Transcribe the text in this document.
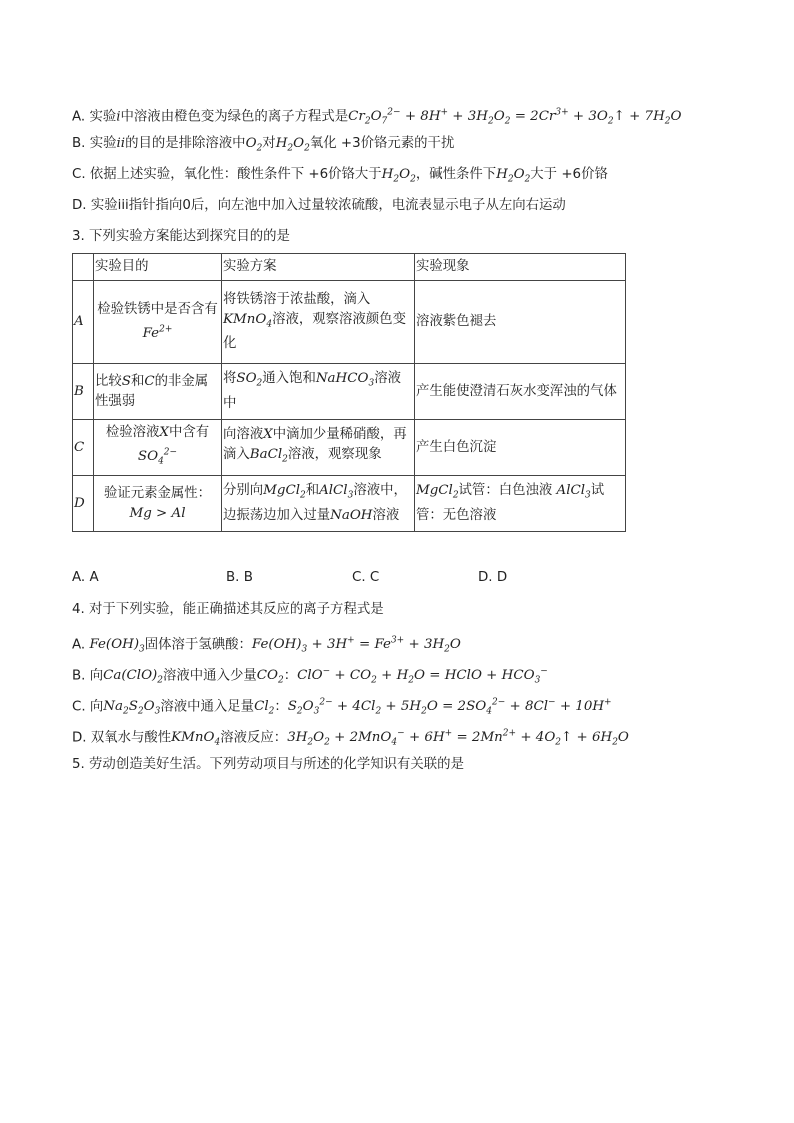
A. 实验i中溶液由橙色变为绿色的离子方程式是$Cr_2O_7^{2-} + 8H^+ + 3H_2O_2 = 2Cr^{3+}$ + $3O_2↑ + 7H_2O$
B. 实验ii的目的是排除溶液中$O_2$对$H_2O_2$氧化 +3价铬元素的干扰
C. 依据上述实验，氧化性：酸性条件下 +6价铬大于$H_2O_2$，碱性条件下$H_2O_2$大于 +6价铬
D. 实验iii指针指向0后，向左池中加入过量较浓硫酸，电流表显示电子从左向右运动
3. 下列实验方案能达到探究目的的是
	实验目的	实验方案	实验现象
A	检验铁锈中是否含有
$Fe^{2+}$	将铁锈溶于浓盐酸，滴入KMnO$_4$溶液，观察溶液颜色变化	溶液紫色褪去
B	比较S和C的非金属性强弱	将$SO_2$通入饱和NaHCO$_3$溶液中	产生能使澄清石灰水变浑浊的气体
C	检验溶液X中含有
$SO_4^{2-}$	向溶液X中滴加少量稀硝酸，再滴入BaCl$_2$溶液，观察现象	产生白色沉淀
D	验证元素金属性：
Mg > Al	分别向MgCl$_2$和AlCl$_3$溶液中，边振荡边加入过量NaOH溶液	MgCl$_2$试管：白色浊液 AlCl$_3$试管：无色溶液
A. A	B. B	C. C	D. D
4. 对于下列实验，能正确描述其反应的离子方程式是
A. $Fe(OH)_3$固体溶于氢碘酸：$Fe(OH)_3 + 3H^+ = Fe^{3+} + 3H_2O$
B. 向$Ca(ClO)_2$溶液中通入少量$CO_2$：$ClO^- + CO_2 + H_2O$ = HClO + $HCO_3^-$
C. 向$Na_2S_2O_3$溶液中通入足量$Cl_2$：$S_2O_3^{2-} + 4Cl_2 + 5H_2O = 2SO_4^{2-} + 8Cl^- + 10H^+$
D. 双氧水与酸性KMnO$_4$溶液反应：$3H_2O_2 + 2MnO_4^- + 6H^+ = 2Mn^{2+}$ + $4O_2↑ + 6H_2O$
5. 劳动创造美好生活。下列劳动项目与所述的化学知识有关联的是
